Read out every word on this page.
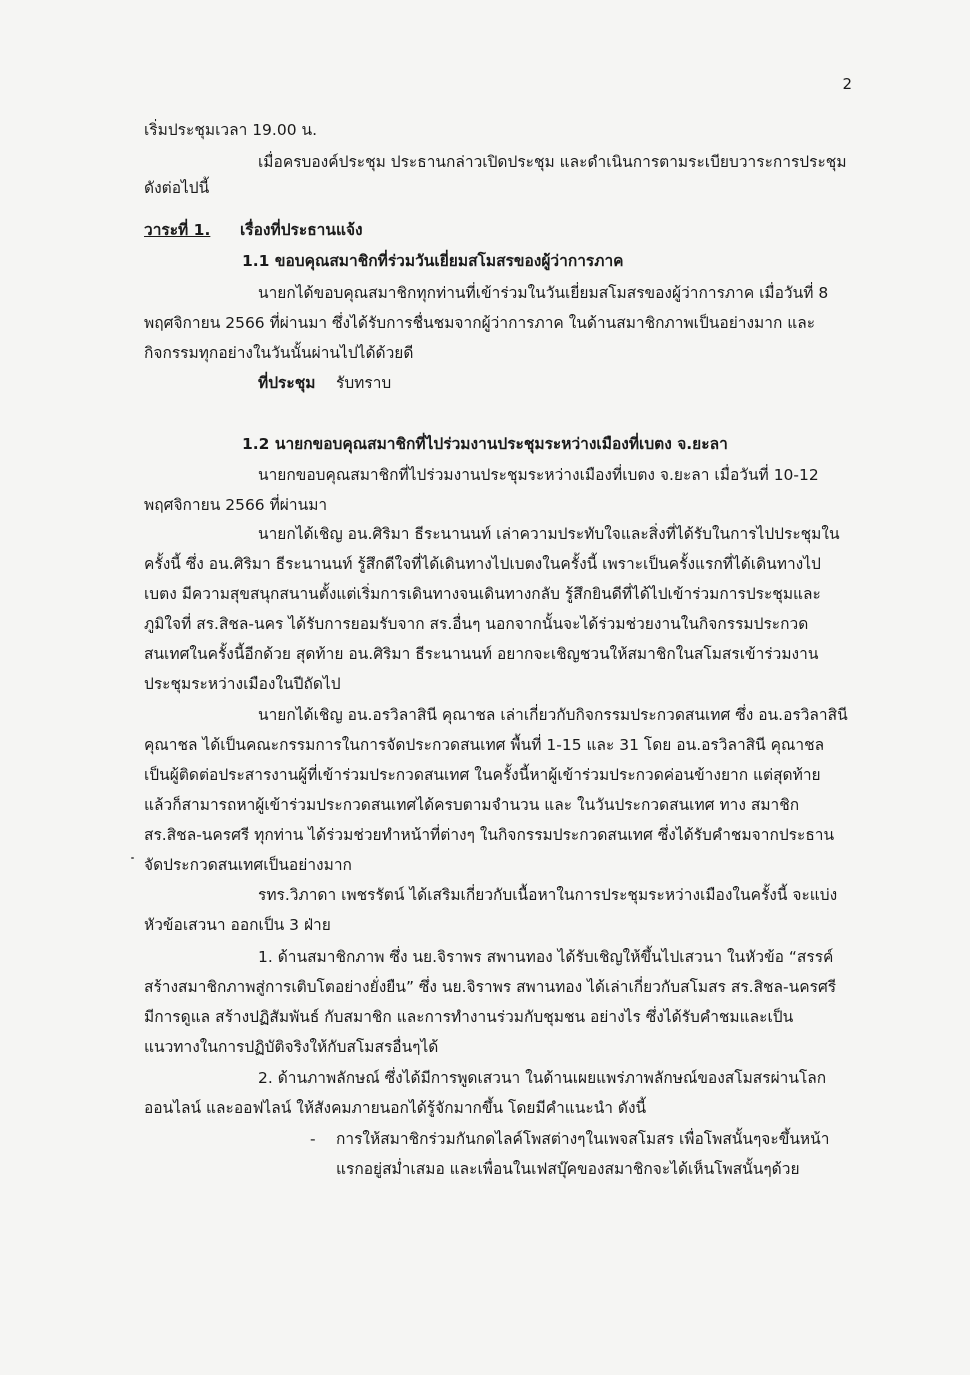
2
เริ่มประชุมเวลา 19.00 น.
เมื่อครบองค์ประชุม ประธานกล่าวเปิดประชุม และดำเนินการตามระเบียบวาระการประชุม
ดังต่อไปนี้
วาระที่ 1. เรื่องที่ประธานแจ้ง
1.1 ขอบคุณสมาชิกที่ร่วมวันเยี่ยมสโมสรของผู้ว่าการภาค
นายกได้ขอบคุณสมาชิกทุกท่านที่เข้าร่วมในวันเยี่ยมสโมสรของผู้ว่าการภาค เมื่อวันที่ 8
พฤศจิกายน 2566 ที่ผ่านมา ซึ่งได้รับการชื่นชมจากผู้ว่าการภาค ในด้านสมาชิกภาพเป็นอย่างมาก และ
กิจกรรมทุกอย่างในวันนั้นผ่านไปได้ด้วยดี
ที่ประชุม รับทราบ
1.2 นายกขอบคุณสมาชิกที่ไปร่วมงานประชุมระหว่างเมืองที่เบตง จ.ยะลา
นายกขอบคุณสมาชิกที่ไปร่วมงานประชุมระหว่างเมืองที่เบตง จ.ยะลา เมื่อวันที่ 10-12
พฤศจิกายน 2566 ที่ผ่านมา
นายกได้เชิญ อน.ศิริมา ธีระนานนท์ เล่าความประทับใจและสิ่งที่ได้รับในการไปประชุมใน
ครั้งนี้ ซึ่ง อน.ศิริมา ธีระนานนท์ รู้สึกดีใจที่ได้เดินทางไปเบตงในครั้งนี้ เพราะเป็นครั้งแรกที่ได้เดินทางไป
เบตง มีความสุขสนุกสนานตั้งแต่เริ่มการเดินทางจนเดินทางกลับ รู้สึกยินดีที่ได้ไปเข้าร่วมการประชุมและ
ภูมิใจที่ สร.สิชล-นคร ได้รับการยอมรับจาก สร.อื่นๆ นอกจากนั้นจะได้ร่วมช่วยงานในกิจกรรมประกวด
สนเทศในครั้งนี้อีกด้วย สุดท้าย อน.ศิริมา ธีระนานนท์ อยากจะเชิญชวนให้สมาชิกในสโมสรเข้าร่วมงาน
ประชุมระหว่างเมืองในปีถัดไป
นายกได้เชิญ อน.อรวิลาสินี คุณาชล เล่าเกี่ยวกับกิจกรรมประกวดสนเทศ ซึ่ง อน.อรวิลาสินี
คุณาชล ได้เป็นคณะกรรมการในการจัดประกวดสนเทศ พื้นที่ 1-15 และ 31 โดย อน.อรวิลาสินี คุณาชล
เป็นผู้ติดต่อประสารงานผู้ที่เข้าร่วมประกวดสนเทศ ในครั้งนี้หาผู้เข้าร่วมประกวดค่อนข้างยาก แต่สุดท้าย
แล้วก็สามารถหาผู้เข้าร่วมประกวดสนเทศได้ครบตามจำนวน และ ในวันประกวดสนเทศ ทาง สมาชิก
สร.สิชล-นครศรี ทุกท่าน ได้ร่วมช่วยทำหน้าที่ต่างๆ ในกิจกรรมประกวดสนเทศ ซึ่งได้รับคำชมจากประธาน
จัดประกวดสนเทศเป็นอย่างมาก
รทร.วิภาดา เพชรรัตน์ ได้เสริมเกี่ยวกับเนื้อหาในการประชุมระหว่างเมืองในครั้งนี้ จะแบ่ง
หัวข้อเสวนา ออกเป็น 3 ฝ่าย
1. ด้านสมาชิกภาพ ซึ่ง นย.จิราพร สพานทอง ได้รับเชิญให้ขึ้นไปเสวนา ในหัวข้อ “สรรค์
สร้างสมาชิกภาพสู่การเติบโตอย่างยั่งยืน” ซึ่ง นย.จิราพร สพานทอง ได้เล่าเกี่ยวกับสโมสร สร.สิชล-นครศรี
มีการดูแล สร้างปฏิสัมพันธ์ กับสมาชิก และการทำงานร่วมกับชุมชน อย่างไร ซึ่งได้รับคำชมและเป็น
แนวทางในการปฏิบัติจริงให้กับสโมสรอื่นๆได้
2. ด้านภาพลักษณ์ ซึ่งได้มีการพูดเสวนา ในด้านเผยแพร่ภาพลักษณ์ของสโมสรผ่านโลก
ออนไลน์ และออฟไลน์ ให้สังคมภายนอกได้รู้จักมากขึ้น โดยมีคำแนะนำ ดังนี้
- การให้สมาชิกร่วมกันกดไลค์โพสต่างๆในเพจสโมสร เพื่อโพสนั้นๆจะขึ้นหน้า
แรกอยู่สม่ำเสมอ และเพื่อนในเฟสบุ๊คของสมาชิกจะได้เห็นโพสนั้นๆด้วย
